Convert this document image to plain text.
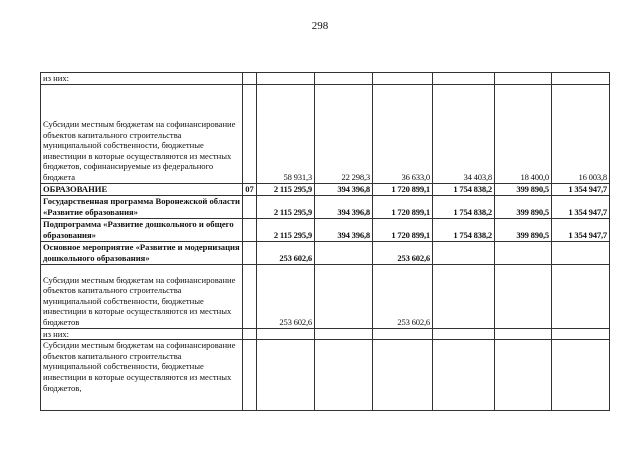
298
из них:							
Субсидии местным бюджетам на софинансирование объектов капитального строительства муниципальной собственности, бюджетные инвестиции в которые осуществляются из местных бюджетов, софинансируемые из федерального бюджета		58 931,3	22 298,3	36 633,0	34 403,8	18 400,0	16 003,8
ОБРАЗОВАНИЕ	07	2 115 295,9	394 396,8	1 720 899,1	1 754 838,2	399 890,5	1 354 947,7
Государственная программа Воронежской области «Развитие образования»		2 115 295,9	394 396,8	1 720 899,1	1 754 838,2	399 890,5	1 354 947,7
Подпрограмма «Развитие дошкольного и общего образования»		2 115 295,9	394 396,8	1 720 899,1	1 754 838,2	399 890,5	1 354 947,7
Основное мероприятие «Развитие и модернизация дошкольного образования»		253 602,6		253 602,6			
Субсидии местным бюджетам на софинансирование объектов капитального строительства муниципальной собственности, бюджетные инвестиции в которые осуществляются из местных бюджетов		253 602,6		253 602,6			
из них:							
Субсидии местным бюджетам на софинансирование объектов капитального строительства муниципальной собственности, бюджетные инвестиции в которые осуществляются из местных бюджетов,							
